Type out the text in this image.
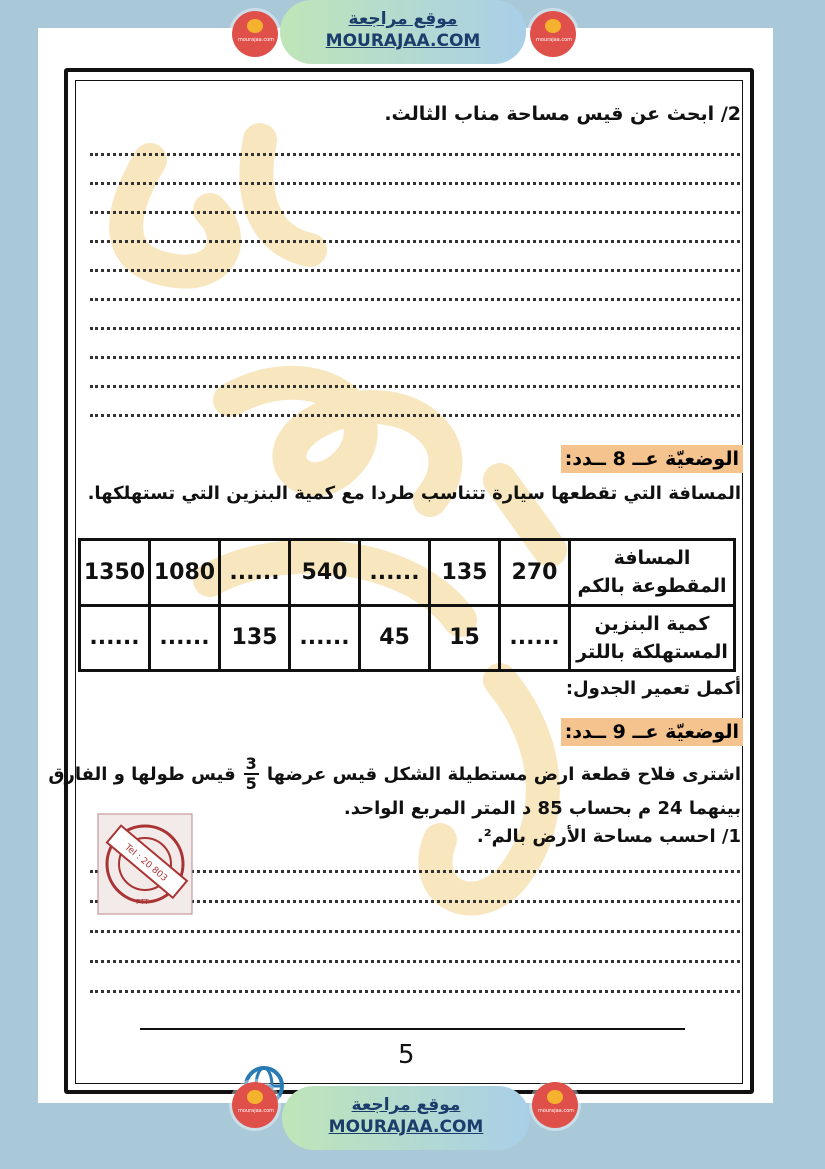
mourajaa.com
موقع مراجعة
MOURAJAA.COM	mourajaa.com
2/ ابحث عن قيس مساحة مناب الثالث.
الوضعيّة عــ 8 ــدد:
المسافة التي تقطعها سيارة تتناسب طردا مع كمية البنزين التي تستهلكها.
المسافة المقطوعة بالكم	270	135	......	540	......	1080	1350
كمية البنزين المستهلكة باللتر	......	15	45	......	135	......	......
أكمل تعمير الجدول:
الوضعيّة عــ 9 ــدد:
اشترى فلاح قطعة ارض مستطيلة الشكل قيس عرضها
$\frac{3}{5}$
قيس طولها و الفارق
بينهما 24 م بحساب 85 د المتر المربع الواحد.
1/ احسب مساحة الأرض بالم².
Tel : 20 803
PTT
5
mourajaa.com	موقع مراجعة
MOURAJAA.COM
mourajaa.com
